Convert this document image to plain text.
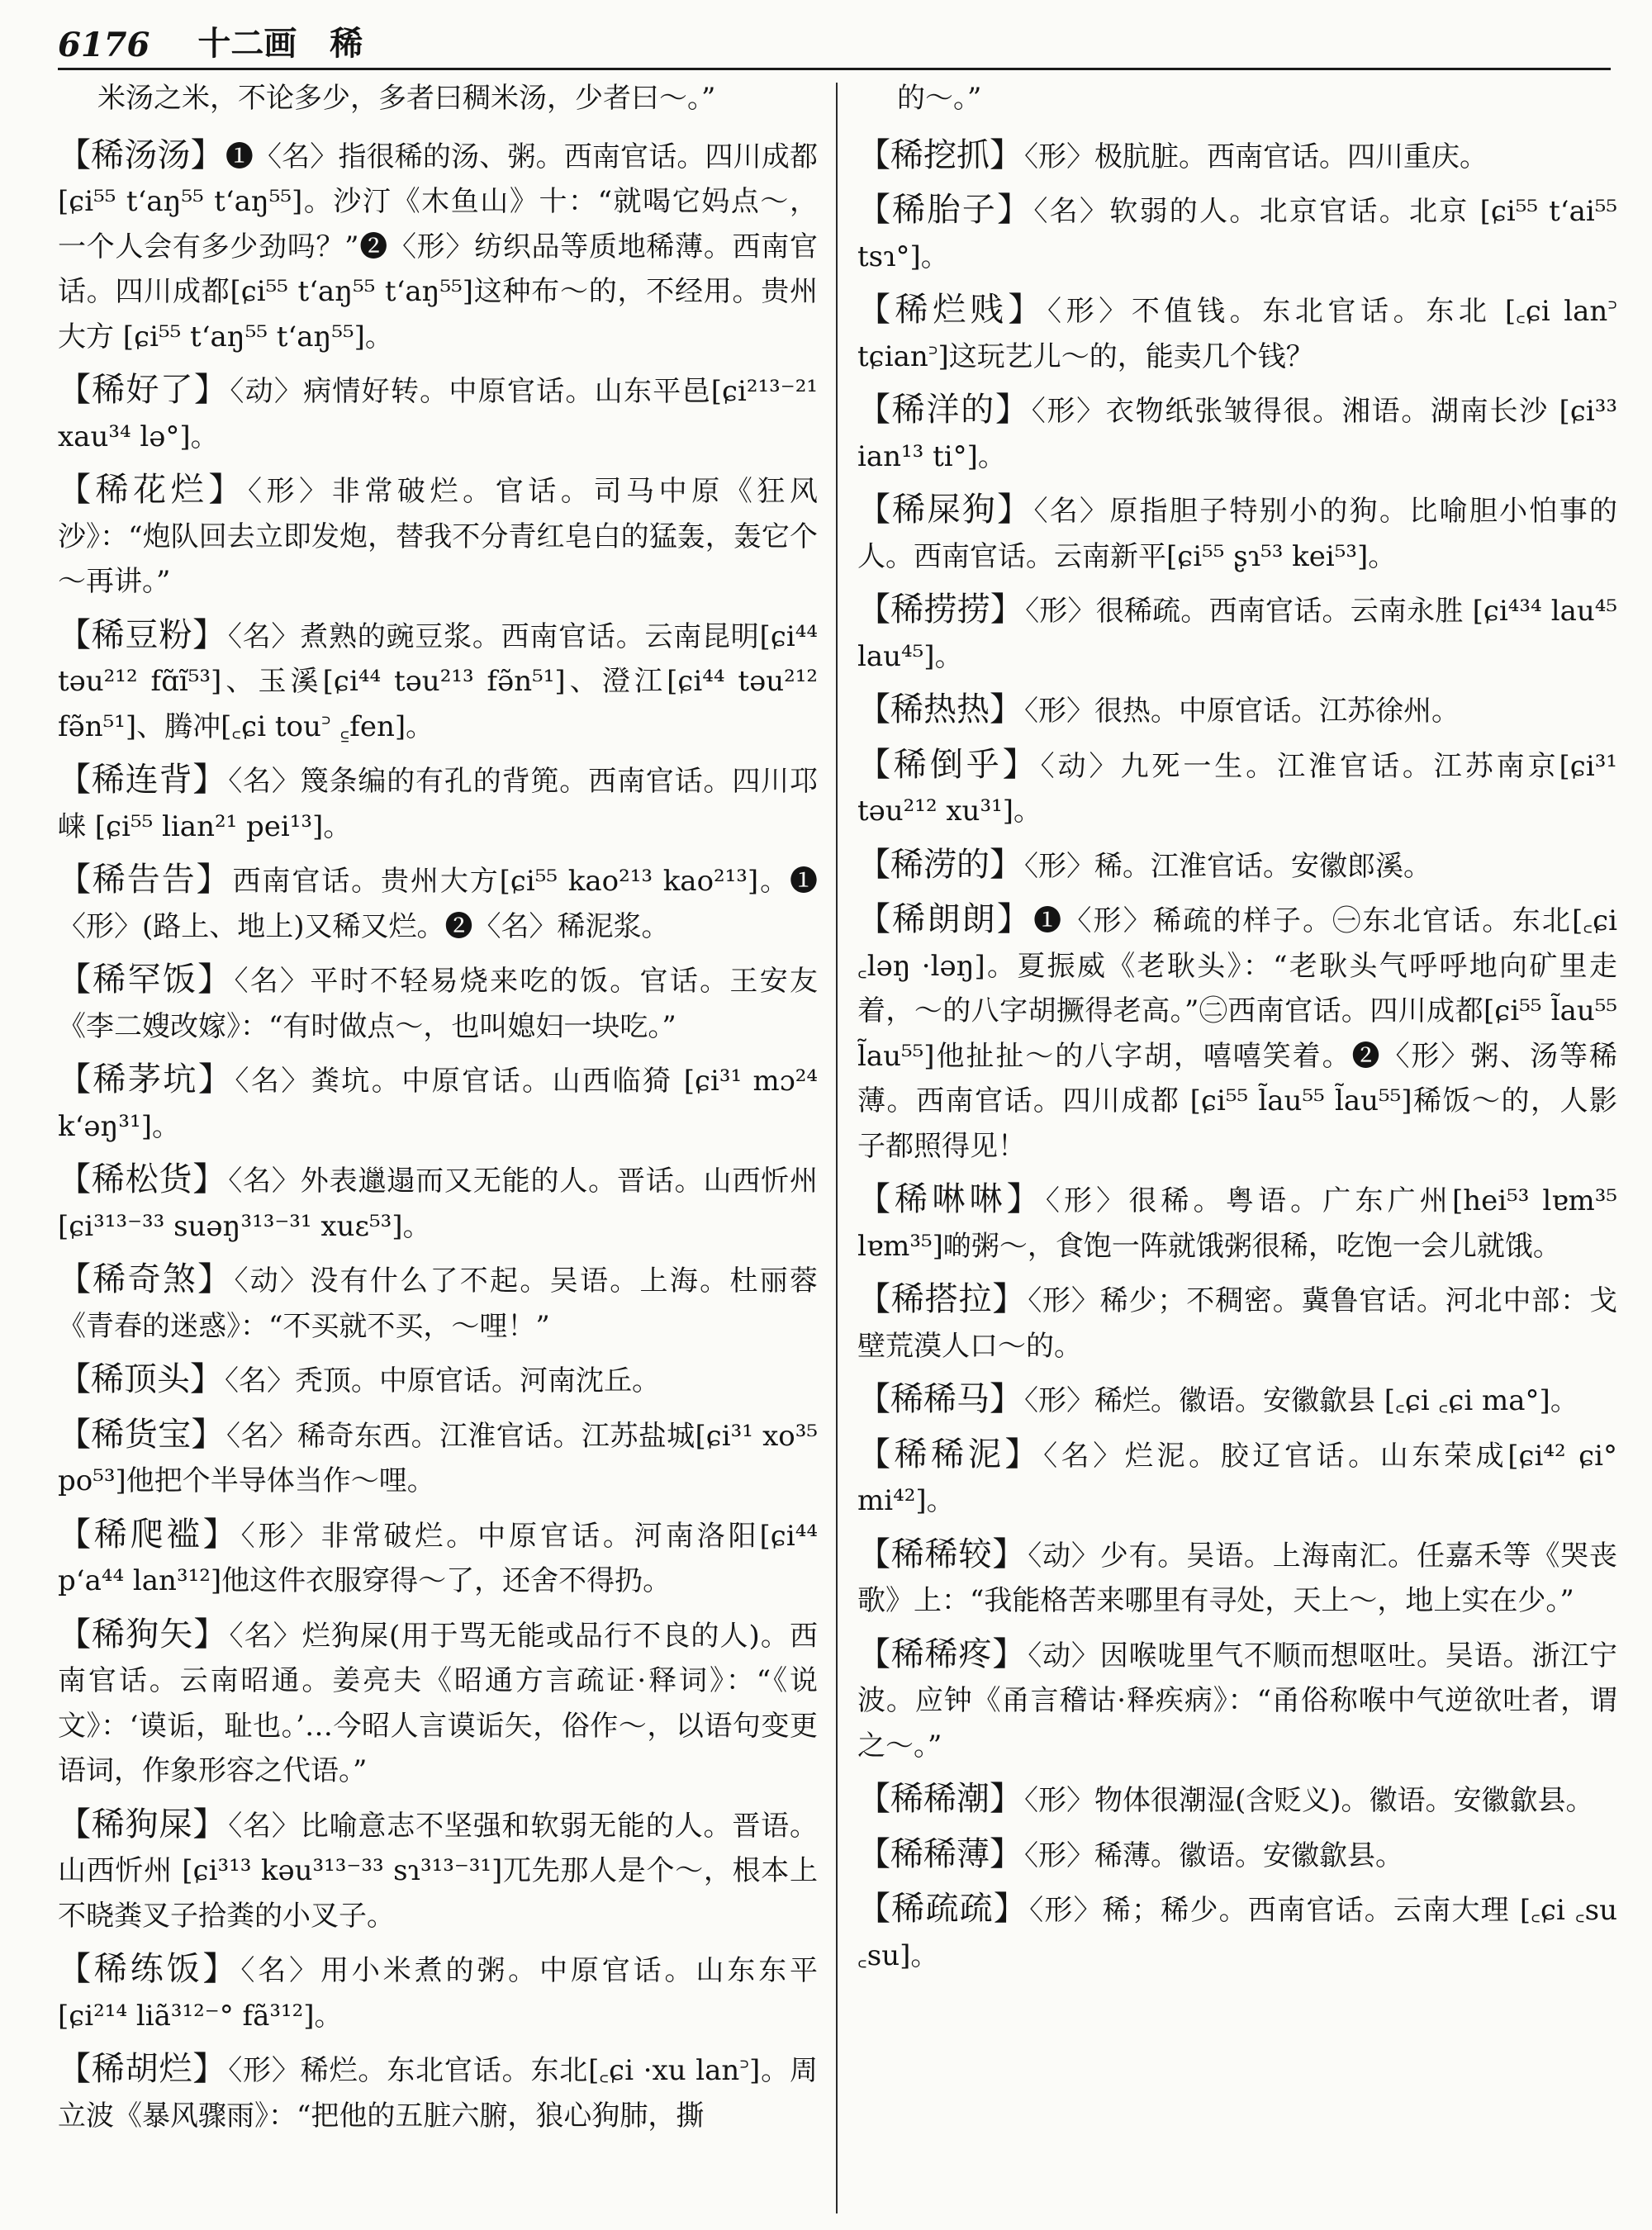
6176 十二画 稀
米汤之米，不论多少，多者曰稠米汤，少者曰～。”
【稀汤汤】❶〈名〉指很稀的汤、粥。西南官话。四川成都[ɕi⁵⁵ tʻaŋ⁵⁵ tʻaŋ⁵⁵]。沙汀《木鱼山》十：“就喝它妈点～，一个人会有多少劲吗？”❷〈形〉纺织品等质地稀薄。西南官话。四川成都[ɕi⁵⁵ tʻaŋ⁵⁵ tʻaŋ⁵⁵]这种布～的，不经用。贵州大方 [ɕi⁵⁵ tʻaŋ⁵⁵ tʻaŋ⁵⁵]。
【稀好了】〈动〉病情好转。中原官话。山东平邑[ɕi²¹³⁻²¹ xau³⁴ lə°]。
【稀花烂】〈形〉非常破烂。官话。司马中原《狂风沙》：“炮队回去立即发炮，替我不分青红皂白的猛轰，轰它个～再讲。”
【稀豆粉】〈名〉煮熟的豌豆浆。西南官话。云南昆明[ɕi⁴⁴ təu²¹² fɑ̃ĩ⁵³]、玉溪[ɕi⁴⁴ təu²¹³ fə̃n⁵¹]、澄江[ɕi⁴⁴ təu²¹² fə̃n⁵¹]、腾冲[꜀ɕi tou꜄ ꜁fen]。
【稀连背】〈名〉篾条编的有孔的背篼。西南官话。四川邛崃 [ɕi⁵⁵ lian²¹ pei¹³]。
【稀告告】西南官话。贵州大方[ɕi⁵⁵ kao²¹³ kao²¹³]。❶〈形〉(路上、地上)又稀又烂。❷〈名〉稀泥浆。
【稀罕饭】〈名〉平时不轻易烧来吃的饭。官话。王安友《李二嫂改嫁》：“有时做点～，也叫媳妇一块吃。”
【稀茅坑】〈名〉粪坑。中原官话。山西临猗 [ɕi³¹ mɔ²⁴ kʻəŋ³¹]。
【稀松货】〈名〉外表邋遢而又无能的人。晋话。山西忻州[ɕi³¹³⁻³³ suəŋ³¹³⁻³¹ xuɛ⁵³]。
【稀奇煞】〈动〉没有什么了不起。吴语。上海。杜丽蓉《青春的迷惑》：“不买就不买，～哩！”
【稀顶头】〈名〉秃顶。中原官话。河南沈丘。
【稀货宝】〈名〉稀奇东西。江淮官话。江苏盐城[ɕi³¹ xo³⁵ po⁵³]他把个半导体当作～哩。
【稀爬褴】〈形〉非常破烂。中原官话。河南洛阳[ɕi⁴⁴ pʻa⁴⁴ lan³¹²]他这件衣服穿得～了，还舍不得扔。
【稀狗矢】〈名〉烂狗屎(用于骂无能或品行不良的人)。西南官话。云南昭通。姜亮夫《昭通方言疏证·释词》：“《说文》：‘谟诟，耻也。’…今昭人言谟诟矢，俗作～，以语句变更语词，作象形容之代语。”
【稀狗屎】〈名〉比喻意志不坚强和软弱无能的人。晋语。山西忻州 [ɕi³¹³ kəu³¹³⁻³³ sɿ³¹³⁻³¹]兀先那人是个～，根本上不晓粪叉子拾粪的小叉子。
【稀练饭】〈名〉用小米煮的粥。中原官话。山东东平 [ɕi²¹⁴ liã³¹²⁻° fã³¹²]。
【稀胡烂】〈形〉稀烂。东北官话。东北[꜀ɕi ·xu lan꜄]。周立波《暴风骤雨》：“把他的五脏六腑，狼心狗肺，撕
的～。”
【稀挖抓】〈形〉极肮脏。西南官话。四川重庆。
【稀胎子】〈名〉软弱的人。北京官话。北京 [ɕi⁵⁵ tʻai⁵⁵ tsɿ°]。
【稀烂贱】〈形〉不值钱。东北官话。东北 [꜀ɕi lan꜄ tɕian꜄]这玩艺儿～的，能卖几个钱？
【稀洋的】〈形〉衣物纸张皱得很。湘语。湖南长沙 [ɕi³³ ian¹³ ti°]。
【稀屎狗】〈名〉原指胆子特别小的狗。比喻胆小怕事的人。西南官话。云南新平[ɕi⁵⁵ ʂɿ⁵³ kei⁵³]。
【稀捞捞】〈形〉很稀疏。西南官话。云南永胜 [ɕi⁴³⁴ lau⁴⁵ lau⁴⁵]。
【稀热热】〈形〉很热。中原官话。江苏徐州。
【稀倒乎】〈动〉九死一生。江淮官话。江苏南京[ɕi³¹ təu²¹² xu³¹]。
【稀涝的】〈形〉稀。江淮官话。安徽郎溪。
【稀朗朗】❶〈形〉稀疏的样子。㊀东北官话。东北[꜀ɕi ꜀ləŋ ·ləŋ]。夏振威《老耿头》：“老耿头气呼呼地向矿里走着，～的八字胡撅得老高。”㊁西南官话。四川成都[ɕi⁵⁵ l̃au⁵⁵ l̃au⁵⁵]他扯扯～的八字胡，嘻嘻笑着。❷〈形〉粥、汤等稀薄。西南官话。四川成都 [ɕi⁵⁵ l̃au⁵⁵ l̃au⁵⁵]稀饭～的，人影子都照得见！
【稀啉啉】〈形〉很稀。粤语。广东广州[hei⁵³ lɐm³⁵ lɐm³⁵]啲粥～，食饱一阵就饿粥很稀，吃饱一会儿就饿。
【稀搭拉】〈形〉稀少；不稠密。冀鲁官话。河北中部：戈壁荒漠人口～的。
【稀稀马】〈形〉稀烂。徽语。安徽歙县 [꜀ɕi ꜀ɕi ma°]。
【稀稀泥】〈名〉烂泥。胶辽官话。山东荣成[ɕi⁴² ɕi° mi⁴²]。
【稀稀较】〈动〉少有。吴语。上海南汇。任嘉禾等《哭丧歌》上：“我能格苦来哪里有寻处，天上～，地上实在少。”
【稀稀疼】〈动〉因喉咙里气不顺而想呕吐。吴语。浙江宁波。应钟《甬言稽诂·释疾病》：“甬俗称喉中气逆欲吐者，谓之～。”
【稀稀潮】〈形〉物体很潮湿(含贬义)。徽语。安徽歙县。
【稀稀薄】〈形〉稀薄。徽语。安徽歙县。
【稀疏疏】〈形〉稀；稀少。西南官话。云南大理 [꜀ɕi ꜀su ꜀su]。
